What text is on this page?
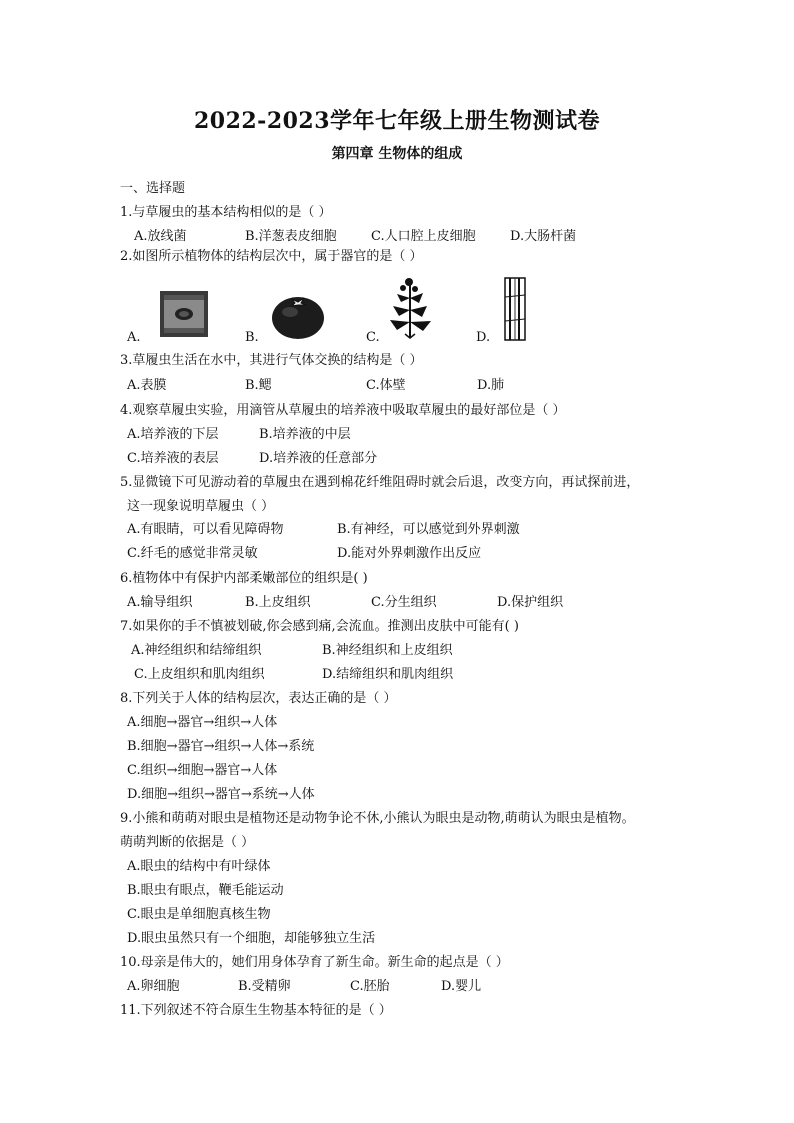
2022-2023学年七年级上册生物测试卷
第四章 生物体的组成
一、选择题
1.与草履虫的基本结构相似的是（ ）
A.放线菌	B.洋葱表皮细胞	C.人口腔上皮细胞	D.大肠杆菌
2.如图所示植物体的结构层次中，属于器官的是（ ）
A.	B.	C.	D.
3.草履虫生活在水中，其进行气体交换的结构是（ ）
A.表膜	B.鳃	C.体壁	D.肺
4.观察草履虫实验，用滴管从草履虫的培养液中吸取草履虫的最好部位是（ ）
A.培养液的下层	B.培养液的中层
C.培养液的表层	D.培养液的任意部分
5.显微镜下可见游动着的草履虫在遇到棉花纤维阻碍时就会后退，改变方向，再试探前进，
这一现象说明草履虫（ ）
A.有眼睛，可以看见障碍物	B.有神经，可以感觉到外界刺激
C.纤毛的感觉非常灵敏	D.能对外界刺激作出反应
6.植物体中有保护内部柔嫩部位的组织是( )
A.输导组织	B.上皮组织	C.分生组织	D.保护组织
7.如果你的手不慎被划破,你会感到痛,会流血。推测出皮肤中可能有( )
A.神经组织和结缔组织	B.神经组织和上皮组织
C.上皮组织和肌肉组织	D.结缔组织和肌肉组织
8.下列关于人体的结构层次，表达正确的是（ ）
A.细胞→器官→组织→人体
B.细胞→器官→组织→人体→系统
C.组织→细胞→器官→人体
D.细胞→组织→器官→系统→人体
9.小熊和萌萌对眼虫是植物还是动物争论不休,小熊认为眼虫是动物,萌萌认为眼虫是植物。
萌萌判断的依据是（ ）
A.眼虫的结构中有叶绿体
B.眼虫有眼点，鞭毛能运动
C.眼虫是单细胞真核生物
D.眼虫虽然只有一个细胞，却能够独立生活
10.母亲是伟大的，她们用身体孕育了新生命。新生命的起点是（ ）
A.卵细胞	B.受精卵	C.胚胎	D.婴儿
11.下列叙述不符合原生生物基本特征的是（ ）
